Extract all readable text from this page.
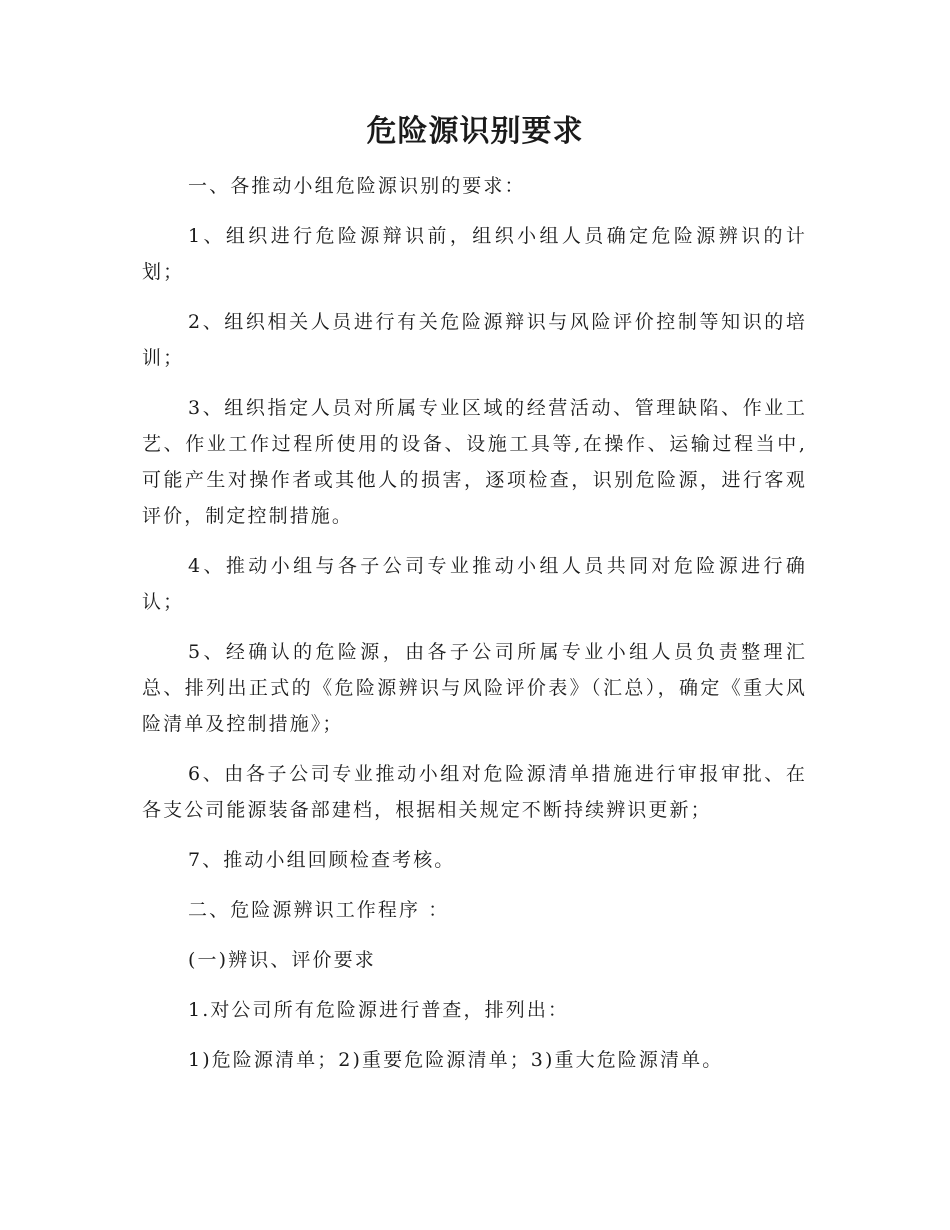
危险源识别要求

一、各推动小组危险源识别的要求：

1、组织进行危险源辩识前，组织小组人员确定危险源辨识的计划；

2、组织相关人员进行有关危险源辩识与风险评价控制等知识的培训；

3、组织指定人员对所属专业区域的经营活动、管理缺陷、作业工艺、作业工作过程所使用的设备、设施工具等,在操作、运输过程当中,可能产生对操作者或其他人的损害，逐项检查，识别危险源，进行客观评价，制定控制措施。

4、推动小组与各子公司专业推动小组人员共同对危险源进行确认；

5、经确认的危险源，由各子公司所属专业小组人员负责整理汇总、排列出正式的《危险源辨识与风险评价表》（汇总），确定《重大风险清单及控制措施》；

6、由各子公司专业推动小组对危险源清单措施进行审报审批、在各支公司能源装备部建档，根据相关规定不断持续辨识更新；

7、推动小组回顾检查考核。

二、危险源辨识工作程序 ：

(一)辨识、评价要求

1.对公司所有危险源进行普查，排列出：

1)危险源清单；2)重要危险源清单；3)重大危险源清单。
